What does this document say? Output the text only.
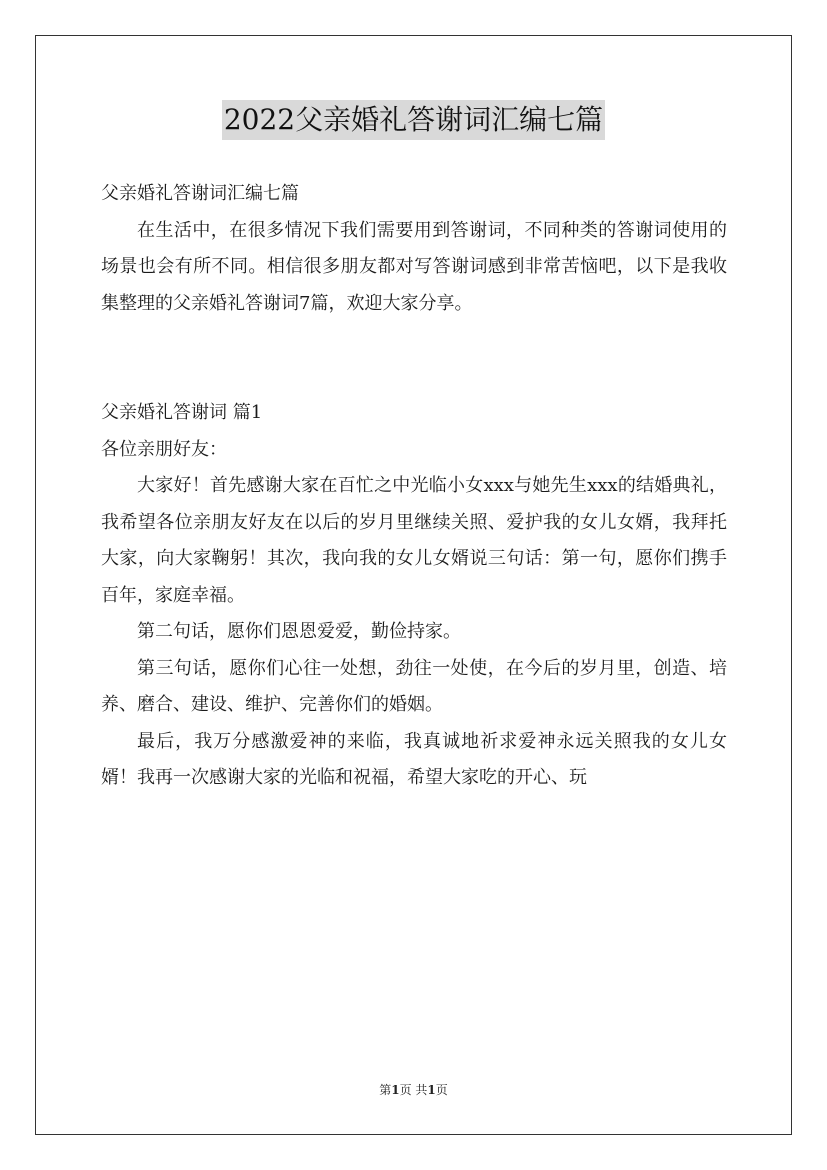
2022父亲婚礼答谢词汇编七篇

父亲婚礼答谢词汇编七篇

在生活中，在很多情况下我们需要用到答谢词，不同种类的答谢词使用的场景也会有所不同。相信很多朋友都对写答谢词感到非常苦恼吧，以下是我收集整理的父亲婚礼答谢词7篇，欢迎大家分享。

父亲婚礼答谢词 篇1

各位亲朋好友：

大家好！首先感谢大家在百忙之中光临小女xxx与她先生xxx的结婚典礼，我希望各位亲朋友好友在以后的岁月里继续关照、爱护我的女儿女婿，我拜托大家，向大家鞠躬！其次，我向我的女儿女婿说三句话：第一句，愿你们携手百年，家庭幸福。

第二句话，愿你们恩恩爱爱，勤俭持家。

第三句话，愿你们心往一处想，劲往一处使，在今后的岁月里，创造、培养、磨合、建设、维护、完善你们的婚姻。

最后，我万分感激爱神的来临，我真诚地祈求爱神永远关照我的女儿女婿！我再一次感谢大家的光临和祝福，希望大家吃的开心、玩

第1页 共1页
